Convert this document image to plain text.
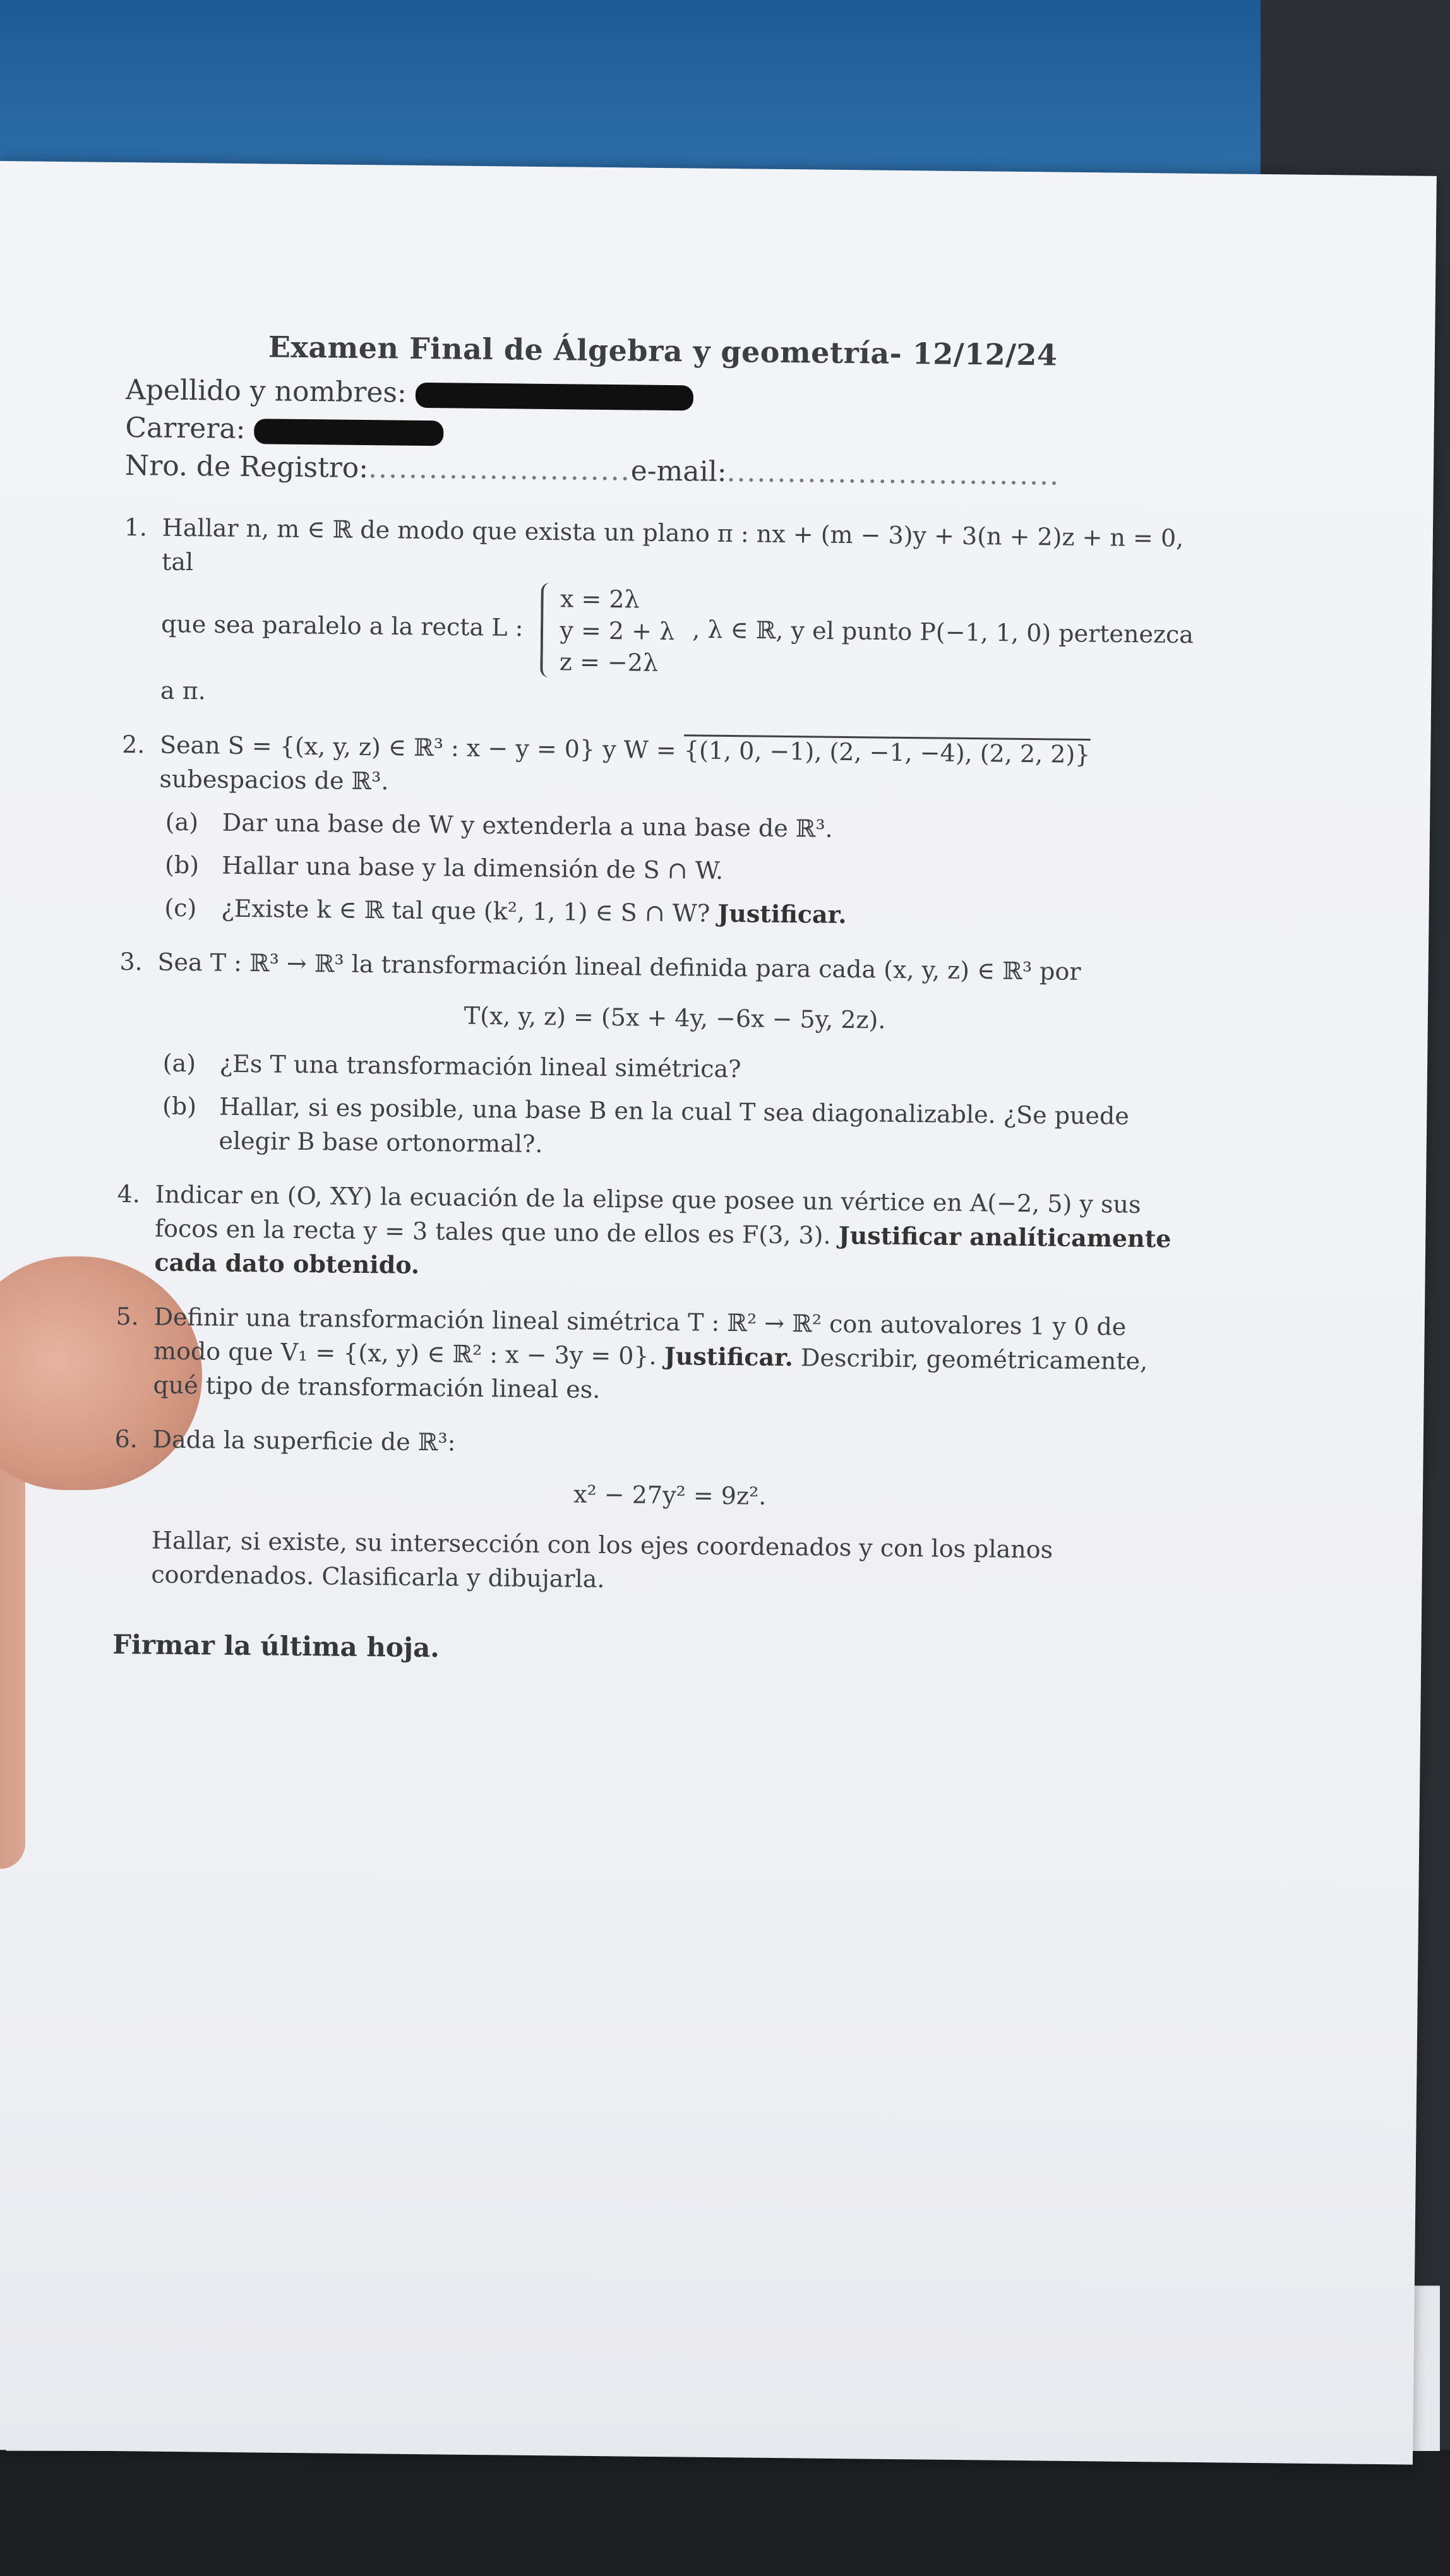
Examen Final de Álgebra y geometría- 12/12/24
Apellido y nombres:
Carrera:
Nro. de Registro:..........................e-mail:.................................
1. Hallar n, m ∈ ℝ de modo que exista un plano π : nx + (m − 3)y + 3(n + 2)z + n = 0, tal
que sea paralelo a la recta L :
x = 2λ
y = 2 + λ
z = −2λ
, λ ∈ ℝ, y el punto P(−1, 1, 0) pertenezca
a π.
2. Sean S = {(x, y, z) ∈ ℝ³ : x − y = 0} y W = {(1, 0, −1), (2, −1, −4), (2, 2, 2)} subespacios de ℝ³.
(a) Dar una base de W y extenderla a una base de ℝ³.
(b) Hallar una base y la dimensión de S ∩ W.
(c) ¿Existe k ∈ ℝ tal que (k², 1, 1) ∈ S ∩ W? Justificar.
3. Sea T : ℝ³ → ℝ³ la transformación lineal definida para cada (x, y, z) ∈ ℝ³ por
T(x, y, z) = (5x + 4y, −6x − 5y, 2z).
(a) ¿Es T una transformación lineal simétrica?
(b) Hallar, si es posible, una base B en la cual T sea diagonalizable. ¿Se puede elegir B base ortonormal?.
4. Indicar en (O, XY) la ecuación de la elipse que posee un vértice en A(−2, 5) y sus focos en la recta y = 3 tales que uno de ellos es F(3, 3). Justificar analíticamente cada dato obtenido.
5. Definir una transformación lineal simétrica T : ℝ² → ℝ² con autovalores 1 y 0 de modo que V₁ = {(x, y) ∈ ℝ² : x − 3y = 0}. Justificar. Describir, geométricamente, qué tipo de transformación lineal es.
6. Dada la superficie de ℝ³:
x² − 27y² = 9z².
Hallar, si existe, su intersección con los ejes coordenados y con los planos coordenados. Clasificarla y dibujarla.
Firmar la última hoja.
